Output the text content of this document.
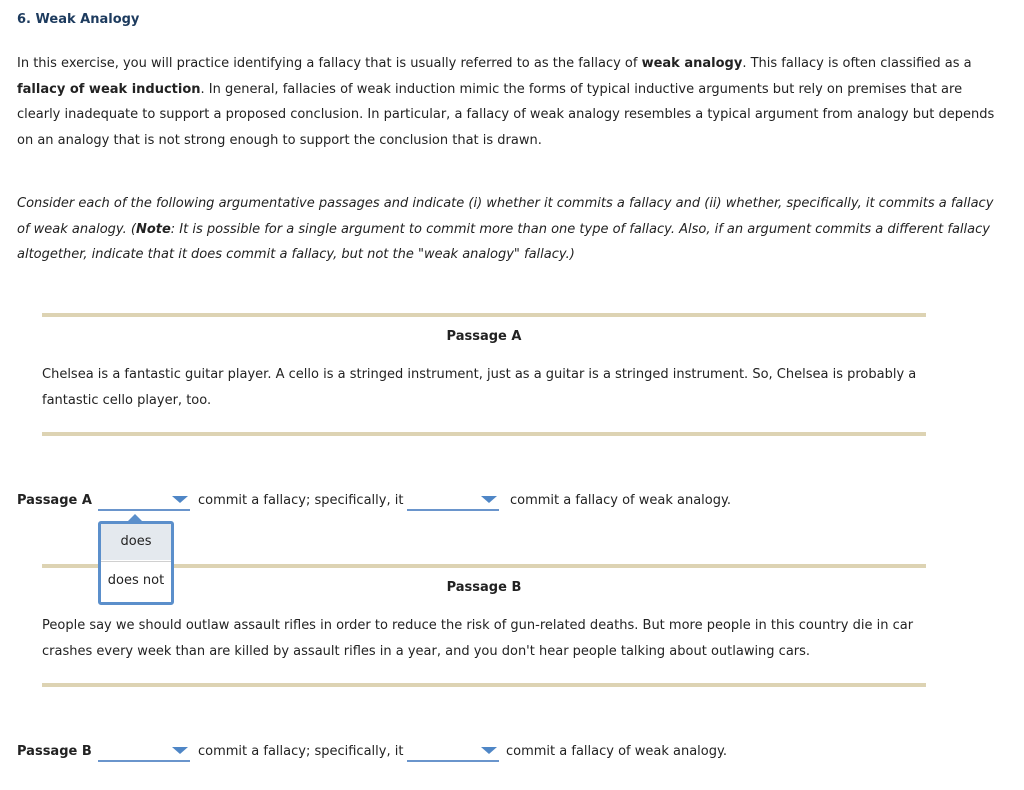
6. Weak Analogy
In this exercise, you will practice identifying a fallacy that is usually referred to as the fallacy of weak analogy. This fallacy is often classified as a fallacy of weak induction. In general, fallacies of weak induction mimic the forms of typical inductive arguments but rely on premises that are clearly inadequate to support a proposed conclusion. In particular, a fallacy of weak analogy resembles a typical argument from analogy but depends on an analogy that is not strong enough to support the conclusion that is drawn.
Consider each of the following argumentative passages and indicate (i) whether it commits a fallacy and (ii) whether, specifically, it commits a fallacy of weak analogy. (Note: It is possible for a single argument to commit more than one type of fallacy. Also, if an argument commits a different fallacy altogether, indicate that it does commit a fallacy, but not the "weak analogy" fallacy.)
Passage A
Chelsea is a fantastic guitar player. A cello is a stringed instrument, just as a guitar is a stringed instrument. So, Chelsea is probably a fantastic cello player, too.
Passage A	commit a fallacy; specifically, it	commit a fallacy of weak analogy.
does
does not	Passage B
People say we should outlaw assault rifles in order to reduce the risk of gun-related deaths. But more people in this country die in car crashes every week than are killed by assault rifles in a year, and you don't hear people talking about outlawing cars.
Passage B	commit a fallacy; specifically, it	commit a fallacy of weak analogy.
